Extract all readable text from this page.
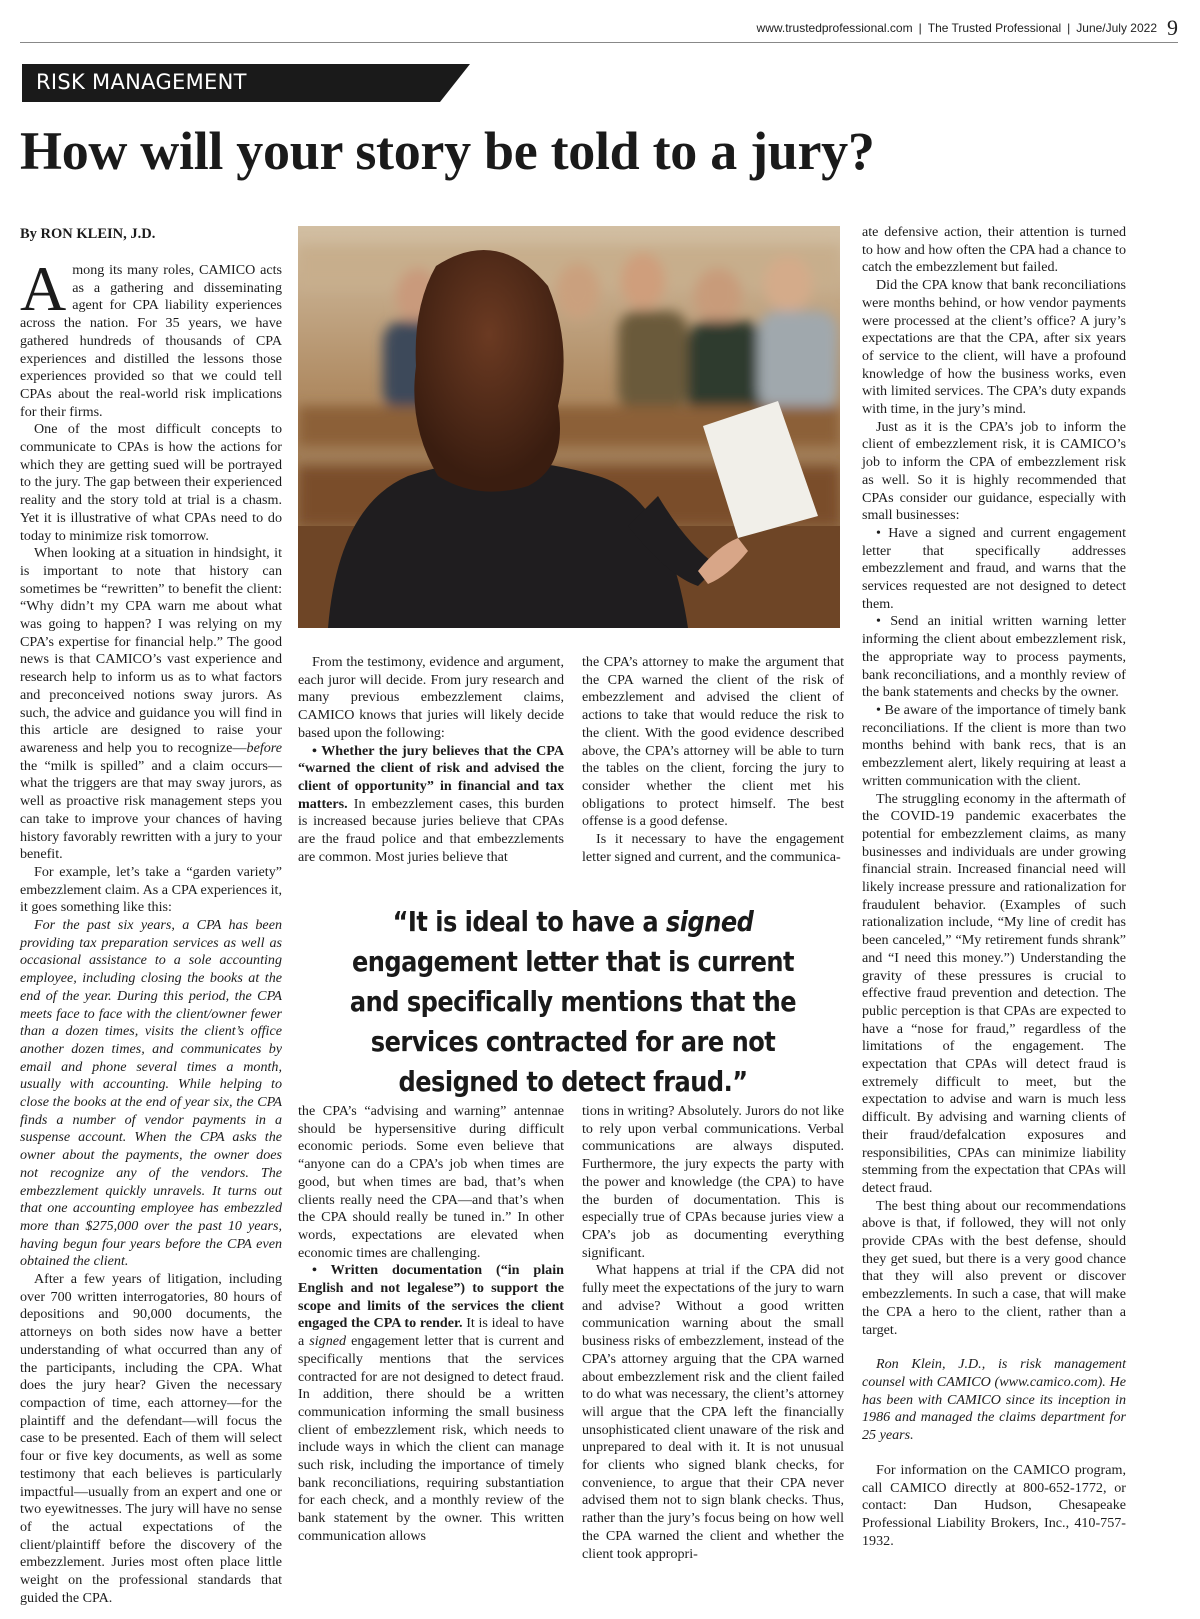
www.trustedprofessional.com | The Trusted Professional | June/July 2022 9
RISK MANAGEMENT
How will your story be told to a jury?
By RON KLEIN, J.D.
A mong its many roles, CAMICO acts as a gathering and disseminating agent for CPA liability experiences across the nation. For 35 years, we have gathered hundreds of thousands of CPA experiences and distilled the lessons those experiences provided so that we could tell CPAs about the real-world risk implications for their firms.

One of the most difficult concepts to communicate to CPAs is how the actions for which they are getting sued will be portrayed to the jury. The gap between their experienced reality and the story told at trial is a chasm. Yet it is illustrative of what CPAs need to do today to minimize risk tomorrow.

When looking at a situation in hindsight, it is important to note that history can sometimes be “rewritten” to benefit the client: “Why didn’t my CPA warn me about what was going to happen? I was relying on my CPA’s expertise for financial help.” The good news is that CAMICO’s vast experience and research help to inform us as to what factors and preconceived notions sway jurors. As such, the advice and guidance you will find in this article are designed to raise your awareness and help you to recognize—before the “milk is spilled” and a claim occurs—what the triggers are that may sway jurors, as well as proactive risk management steps you can take to improve your chances of having history favorably rewritten with a jury to your benefit.

For example, let’s take a “garden variety” embezzlement claim. As a CPA experiences it, it goes something like this:

For the past six years, a CPA has been providing tax preparation services as well as occasional assistance to a sole accounting employee, including closing the books at the end of the year. During this period, the CPA meets face to face with the client/owner fewer than a dozen times, visits the client’s office another dozen times, and communicates by email and phone several times a month, usually with accounting. While helping to close the books at the end of year six, the CPA finds a number of vendor payments in a suspense account. When the CPA asks the owner about the payments, the owner does not recognize any of the vendors. The embezzlement quickly unravels. It turns out that one accounting employee has embezzled more than $275,000 over the past 10 years, having begun four years before the CPA even obtained the client.

After a few years of litigation, including over 700 written interrogatories, 80 hours of depositions and 90,000 documents, the attorneys on both sides now have a better understanding of what occurred than any of the participants, including the CPA. What does the jury hear? Given the necessary compaction of time, each attorney—for the plaintiff and the defendant—will focus the case to be presented. Each of them will select four or five key documents, as well as some testimony that each believes is particularly impactful—usually from an expert and one or two eyewitnesses. The jury will have no sense of the actual expectations of the client/plaintiff before the discovery of the embezzlement. Juries most often place little weight on the professional standards that guided the CPA.

From the testimony, evidence and argument, each juror will decide. From jury research and many previous embezzlement claims, CAMICO knows that juries will likely decide based upon the following:

• Whether the jury believes that the CPA “warned the client of risk and advised the client of opportunity” in financial and tax matters. In embezzlement cases, this burden is increased because juries believe that CPAs are the fraud police and that embezzlements are common. Most juries believe that

the CPA’s attorney to make the argument that the CPA warned the client of the risk of embezzlement and advised the client of actions to take that would reduce the risk to the client. With the good evidence described above, the CPA’s attorney will be able to turn the tables on the client, forcing the jury to consider whether the client met his obligations to protect himself. The best offense is a good defense.

Is it necessary to have the engagement letter signed and current, and the communica-

“It is ideal to have a signed engagement letter that is current and specifically mentions that the services contracted for are not designed to detect fraud.”

the CPA’s “advising and warning” antennae should be hypersensitive during difficult economic periods. Some even believe that “anyone can do a CPA’s job when times are good, but when times are bad, that’s when clients really need the CPA—and that’s when the CPA should really be tuned in.” In other words, expectations are elevated when economic times are challenging.

• Written documentation (“in plain English and not legalese”) to support the scope and limits of the services the client engaged the CPA to render. It is ideal to have a signed engagement letter that is current and specifically mentions that the services contracted for are not designed to detect fraud. In addition, there should be a written communication informing the small business client of embezzlement risk, which needs to include ways in which the client can manage such risk, including the importance of timely bank reconciliations, requiring substantiation for each check, and a monthly review of the bank statement by the owner. This written communication allows

tions in writing? Absolutely. Jurors do not like to rely upon verbal communications. Verbal communications are always disputed. Furthermore, the jury expects the party with the power and knowledge (the CPA) to have the burden of documentation. This is especially true of CPAs because juries view a CPA’s job as documenting everything significant.

What happens at trial if the CPA did not fully meet the expectations of the jury to warn and advise? Without a good written communication warning about the small business risks of embezzlement, instead of the CPA’s attorney arguing that the CPA warned about embezzlement risk and the client failed to do what was necessary, the client’s attorney will argue that the CPA left the financially unsophisticated client unaware of the risk and unprepared to deal with it. It is not unusual for clients who signed blank checks, for convenience, to argue that their CPA never advised them not to sign blank checks. Thus, rather than the jury’s focus being on how well the CPA warned the client and whether the client took appropri-

ate defensive action, their attention is turned to how and how often the CPA had a chance to catch the embezzlement but failed.

Did the CPA know that bank reconciliations were months behind, or how vendor payments were processed at the client’s office? A jury’s expectations are that the CPA, after six years of service to the client, will have a profound knowledge of how the business works, even with limited services. The CPA’s duty expands with time, in the jury’s mind.

Just as it is the CPA’s job to inform the client of embezzlement risk, it is CAMICO’s job to inform the CPA of embezzlement risk as well. So it is highly recommended that CPAs consider our guidance, especially with small businesses:

• Have a signed and current engagement letter that specifically addresses embezzlement and fraud, and warns that the services requested are not designed to detect them.

• Send an initial written warning letter informing the client about embezzlement risk, the appropriate way to process payments, bank reconciliations, and a monthly review of the bank statements and checks by the owner.

• Be aware of the importance of timely bank reconciliations. If the client is more than two months behind with bank recs, that is an embezzlement alert, likely requiring at least a written communication with the client.

The struggling economy in the aftermath of the COVID-19 pandemic exacerbates the potential for embezzlement claims, as many businesses and individuals are under growing financial strain. Increased financial need will likely increase pressure and rationalization for fraudulent behavior. (Examples of such rationalization include, “My line of credit has been canceled,” “My retirement funds shrank” and “I need this money.”) Understanding the gravity of these pressures is crucial to effective fraud prevention and detection. The public perception is that CPAs are expected to have a “nose for fraud,” regardless of the limitations of the engagement. The expectation that CPAs will detect fraud is extremely difficult to meet, but the expectation to advise and warn is much less difficult. By advising and warning clients of their fraud/defalcation exposures and responsibilities, CPAs can minimize liability stemming from the expectation that CPAs will detect fraud.

The best thing about our recommendations above is that, if followed, they will not only provide CPAs with the best defense, should they get sued, but there is a very good chance that they will also prevent or discover embezzlements. In such a case, that will make the CPA a hero to the client, rather than a target.

Ron Klein, J.D., is risk management counsel with CAMICO (www.camico.com). He has been with CAMICO since its inception in 1986 and managed the claims department for 25 years.

For information on the CAMICO program, call CAMICO directly at 800-652-1772, or contact: Dan Hudson, Chesapeake Professional Liability Brokers, Inc., 410-757-1932.
